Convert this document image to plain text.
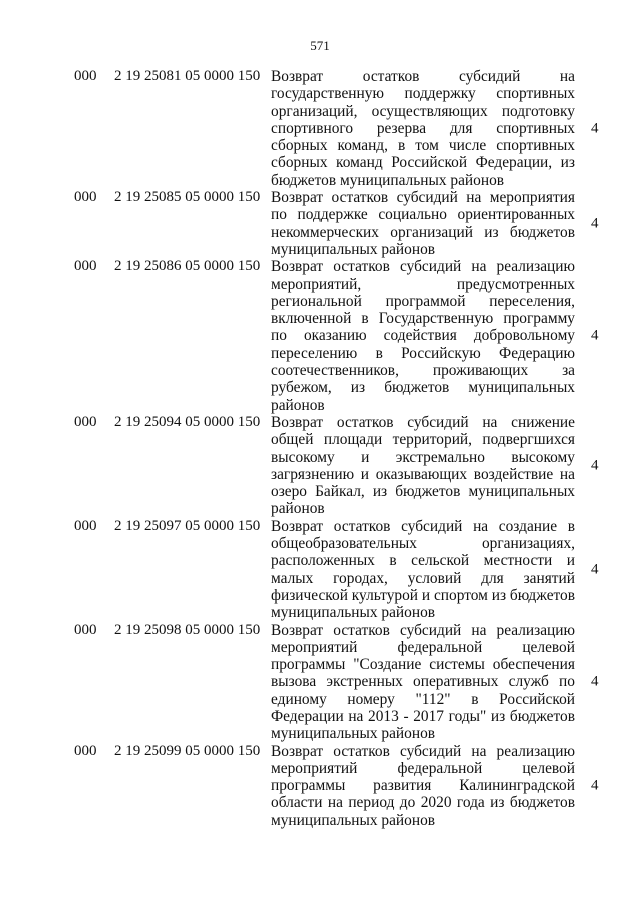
571
000 2 19 25081 05 0000 150 Возврат остатков субсидий на государственную поддержку спортивных организаций, осуществляющих подготовку спортивного резерва для спортивных сборных команд, в том числе спортивных сборных команд Российской Федерации, из бюджетов муниципальных районов
4
000 2 19 25085 05 0000 150 Возврат остатков субсидий на мероприятия по поддержке социально ориентированных некоммерческих организаций из бюджетов муниципальных районов
4
000 2 19 25086 05 0000 150 Возврат остатков субсидий на реализацию мероприятий, предусмотренных региональной программой переселения, включенной в Государственную программу по оказанию содействия добровольному переселению в Российскую Федерацию соотечественников, проживающих за рубежом, из бюджетов муниципальных районов
4
000 2 19 25094 05 0000 150 Возврат остатков субсидий на снижение общей площади территорий, подвергшихся высокому и экстремально высокому загрязнению и оказывающих воздействие на озеро Байкал, из бюджетов муниципальных районов
4
000 2 19 25097 05 0000 150 Возврат остатков субсидий на создание в общеобразовательных организациях, расположенных в сельской местности и малых городах, условий для занятий физической культурой и спортом из бюджетов муниципальных районов
4
000 2 19 25098 05 0000 150 Возврат остатков субсидий на реализацию мероприятий федеральной целевой программы "Создание системы обеспечения вызова экстренных оперативных служб по единому номеру "112" в Российской Федерации на 2013 - 2017 годы" из бюджетов муниципальных районов
4
000 2 19 25099 05 0000 150 Возврат остатков субсидий на реализацию мероприятий федеральной целевой программы развития Калининградской области на период до 2020 года из бюджетов муниципальных районов
4
